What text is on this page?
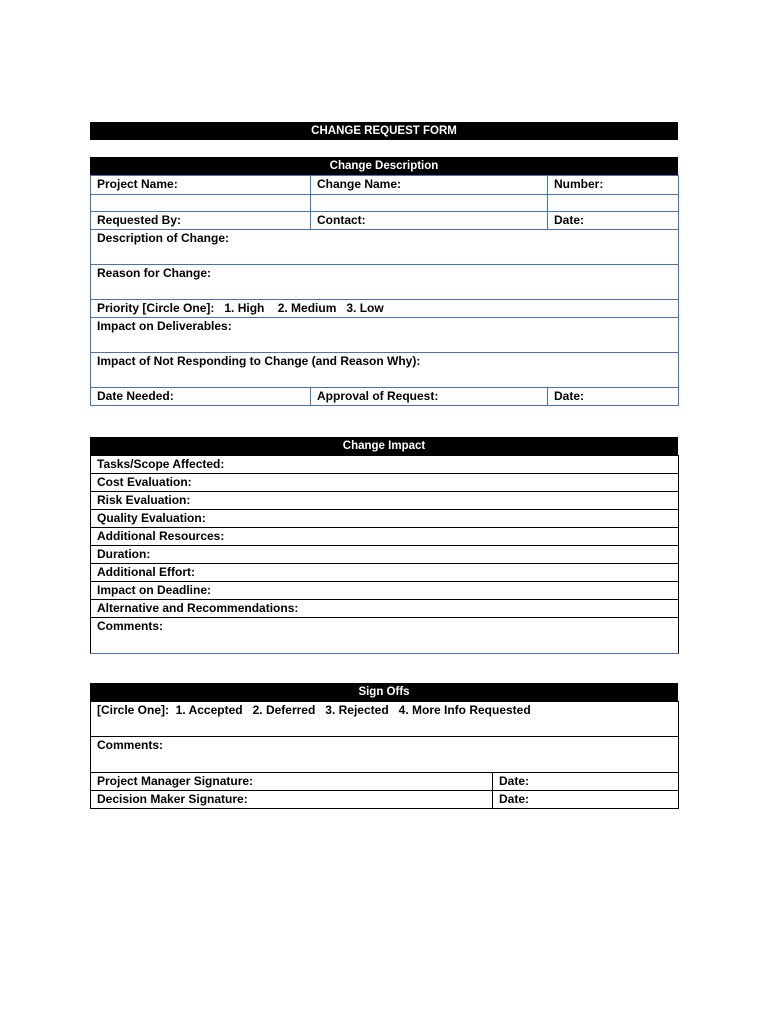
CHANGE REQUEST FORM
Change Description
Project Name:	Change Name:	Number:

Requested By:	Contact:	Date:
Description of Change:		
Reason for Change:		
Priority [Circle One]:   1. High    2. Medium   3. Low		
Impact on Deliverables:		
Impact of Not Responding to Change (and Reason Why):		
Date Needed:	Approval of Request:	Date:
Change Impact
Tasks/Scope Affected:
Cost Evaluation:
Risk Evaluation:
Quality Evaluation:
Additional Resources:
Duration:
Additional Effort:
Impact on Deadline:
Alternative and Recommendations:
Comments:
Sign Offs
[Circle One]:  1. Accepted   2. Deferred   3. Rejected   4. More Info Requested	
Comments:	
Project Manager Signature:	Date:
Decision Maker Signature:	Date:
